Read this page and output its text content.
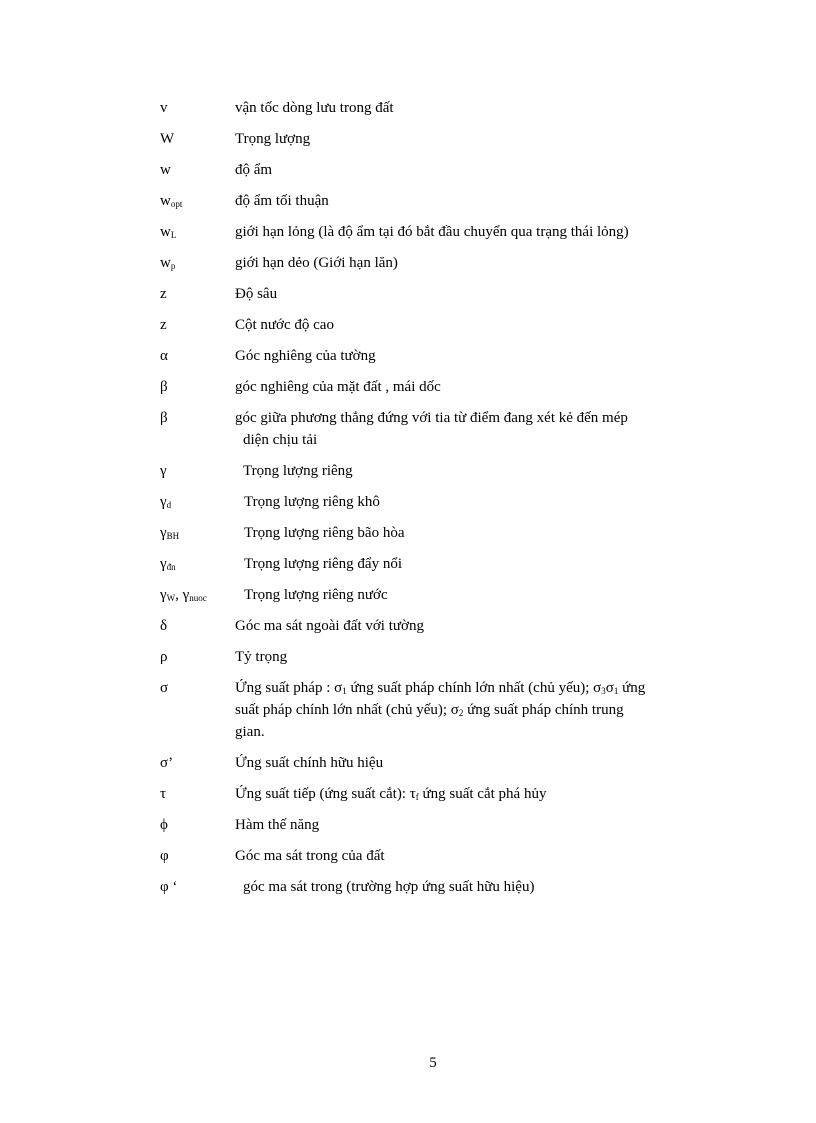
v	vận tốc dòng lưu trong đất
W	Trọng lượng
w	độ ẩm
$w_{opt}$	độ ẩm tối thuận
$w_L$	giới hạn lỏng (là độ ẩm tại đó bắt đầu chuyển qua trạng thái lỏng)
$w_p$	giới hạn dẻo (Giới hạn lăn)
z	Độ sâu
z	Cột nước độ cao
α	Góc nghiêng của tường
β	góc nghiêng của mặt đất , mái dốc
β	góc giữa phương thẳng đứng với tia từ điểm đang xét kẻ đến mép
diện chịu tải
γ	Trọng lượng riêng
$\gamma_d$	Trọng lượng riêng khô
$\gamma_{BH}$	Trọng lượng riêng bão hòa
$\gamma_{đn}$	Trọng lượng riêng đẩy nổi
$\gamma_W$, $\gamma_{nuoc}$	Trọng lượng riêng nước
δ	Góc ma sát ngoài đất với tường
ρ	Tỷ trọng
σ	Ứng suất pháp : $\sigma_1$ ứng suất pháp chính lớn nhất (chủ yếu); $\sigma_3\sigma_1$ ứng
suất pháp chính lớn nhất (chủ yếu); $\sigma_2$ ứng suất pháp chính trung
gian.
σ’	Ứng suất chính hữu hiệu
τ	Ứng suất tiếp (ứng suất cắt): $\tau_f$ ứng suất cắt phá hủy
ϕ	Hàm thế năng
φ	Góc ma sát trong của đất
φ ‘	góc ma sát trong (trường hợp ứng suất hữu hiệu)
5
